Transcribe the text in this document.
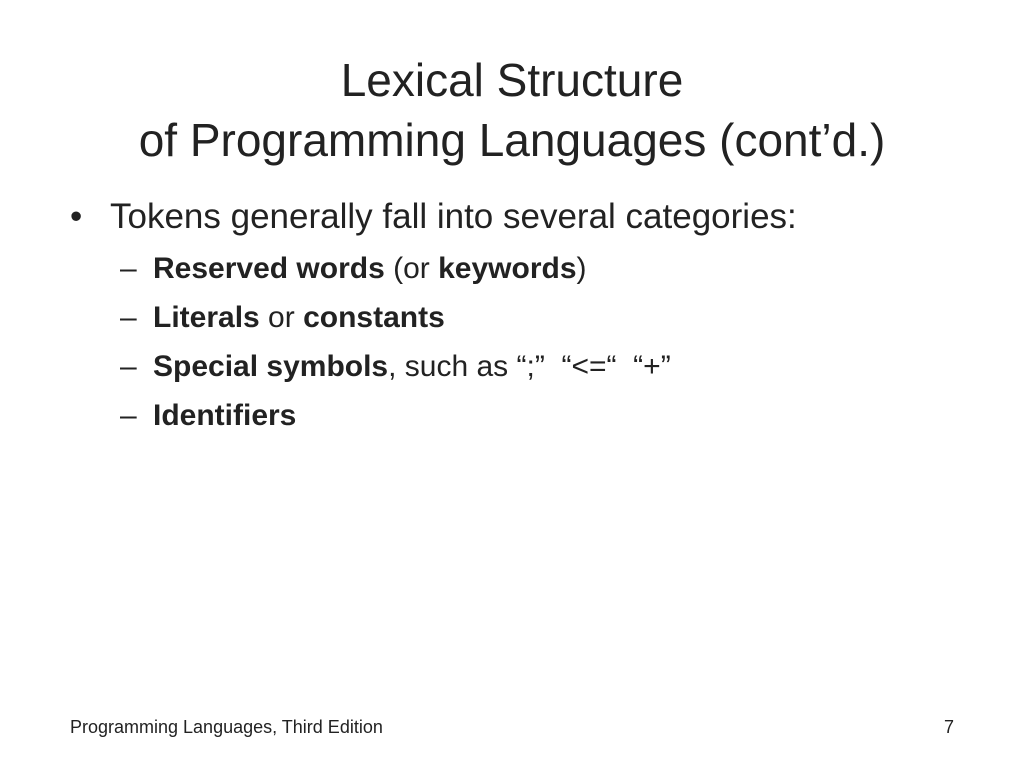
Lexical Structure
of Programming Languages (cont’d.)
• Tokens generally fall into several categories:
– Reserved words (or keywords)
– Literals or constants
– Special symbols, such as “;”  “<=“  “+”
– Identifiers
Programming Languages, Third Edition	7
